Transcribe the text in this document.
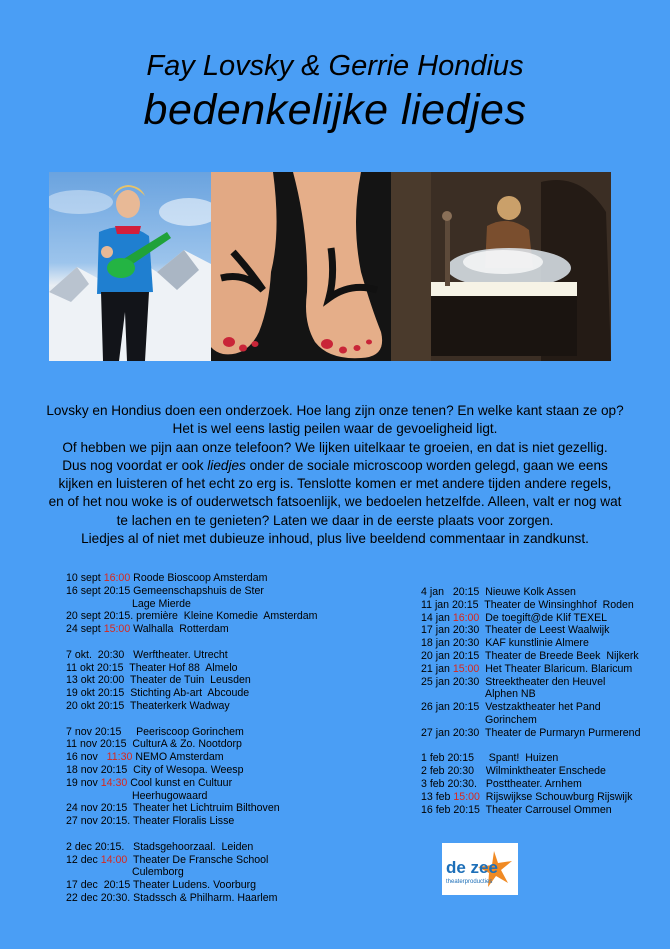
Fay Lovsky & Gerrie Hondius

bedenkelijke liedjes

Lovsky en Hondius doen een onderzoek. Hoe lang zijn onze tenen? En welke kant staan ze op?
Het is wel eens lastig peilen waar de gevoeligheid ligt.
Of hebben we pijn aan onze telefoon? We lijken uitelkaar te groeien, en dat is niet gezellig.
Dus nog voordat er ook liedjes onder de sociale microscoop worden gelegd, gaan we eens
kijken en luisteren of het echt zo erg is. Tenslotte komen er met andere tijden andere regels,
en of het nou woke is of ouderwetsch fatsoenlijk, we bedoelen hetzelfde. Alleen, valt er nog wat
te lachen en te genieten? Laten we daar in de eerste plaats voor zorgen.
Liedjes al of niet met dubieuze inhoud, plus live beeldend commentaar in zandkunst.

10 sept 16:00 Roode Bioscoop Amsterdam

16 sept 20:15 Gemeenschapshuis de Ster
Lage Mierde

20 sept 20:15. première  Kleine Komedie  Amsterdam

24 sept 15:00 Walhalla  Rotterdam

7 okt.  20:30   Werftheater. Utrecht

11 okt 20:15  Theater Hof 88  Almelo

13 okt 20:00  Theater de Tuin  Leusden

19 okt 20:15  Stichting Ab-art  Abcoude

20 okt 20:15  Theaterkerk Wadway

7 nov 20:15     Peeriscoop Gorinchem

11 nov 20:15  CulturA & Zo. Nootdorp

16 nov   11:30 NEMO Amsterdam

18 nov 20:15  City of Wesopa. Weesp

19 nov 14:30 Cool kunst en Cultuur
Heerhugowaard

24 nov 20:15  Theater het Lichtruim Bilthoven

27 nov 20:15. Theater Floralis Lisse

2 dec 20:15.   Stadsgehoorzaal.  Leiden

12 dec 14:00  Theater De Fransche School
Culemborg

17 dec  20:15 Theater Ludens. Voorburg

22 dec 20:30. Stadssch & Philharm. Haarlem

4 jan   20:15  Nieuwe Kolk Assen

11 jan 20:15  Theater de Winsinghhof  Roden

14 jan 16:00  De toegift@de Klif TEXEL

17 jan 20:30  Theater de Leest Waalwijk

18 jan 20:30  KAF kunstlinie Almere

20 jan 20:15  Theater de Breede Beek  Nijkerk

21 jan 15:00  Het Theater Blaricum. Blaricum

25 jan 20:30  Streektheater den Heuvel
Alphen NB

26 jan 20:15  Vestzaktheater het Pand
Gorinchem

27 jan 20:30  Theater de Purmaryn Purmerend

1 feb 20:15     Spant!  Huizen

2 feb 20:30    Wilminktheater Enschede

3 feb 20:30.   Posttheater. Arnhem

13 feb 15:00  Rijswijkse Schouwburg Rijswijk

16 feb 20:15  Theater Carrousel Ommen

de zee
theaterproducties
